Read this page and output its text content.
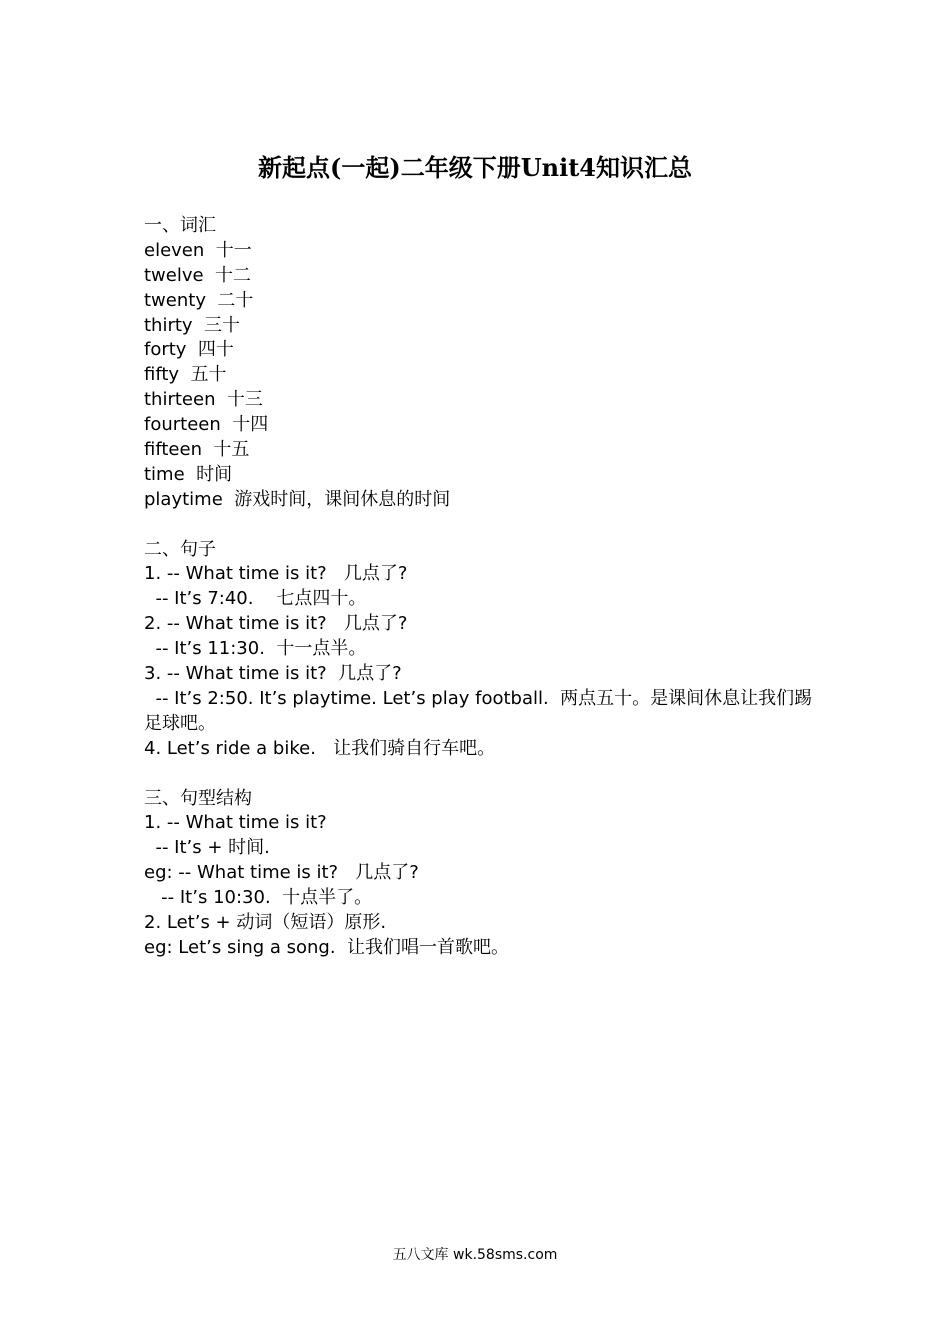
新起点(一起)二年级下册Unit4知识汇总
一、词汇
eleven  十一
twelve  十二
twenty  二十
thirty  三十
forty  四十
fifty  五十
thirteen  十三
fourteen  十四
fifteen  十五
time  时间
playtime  游戏时间，课间休息的时间
二、句子
1. -- What time is it?   几点了?
-- It’s 7:40.    七点四十。
2. -- What time is it?   几点了?
-- It’s 11:30.  十一点半。
3. -- What time is it?  几点了?
-- It’s 2:50. It’s playtime. Let’s play football.  两点五十。是课间休息让我们踢足球吧。
4. Let’s ride a bike.   让我们骑自行车吧。
三、句型结构
1. -- What time is it?
-- It’s + 时间.
eg: -- What time is it?   几点了?
-- It’s 10:30.  十点半了。
2. Let’s + 动词（短语）原形.
eg: Let’s sing a song.  让我们唱一首歌吧。
五八文库 wk.58sms.com
